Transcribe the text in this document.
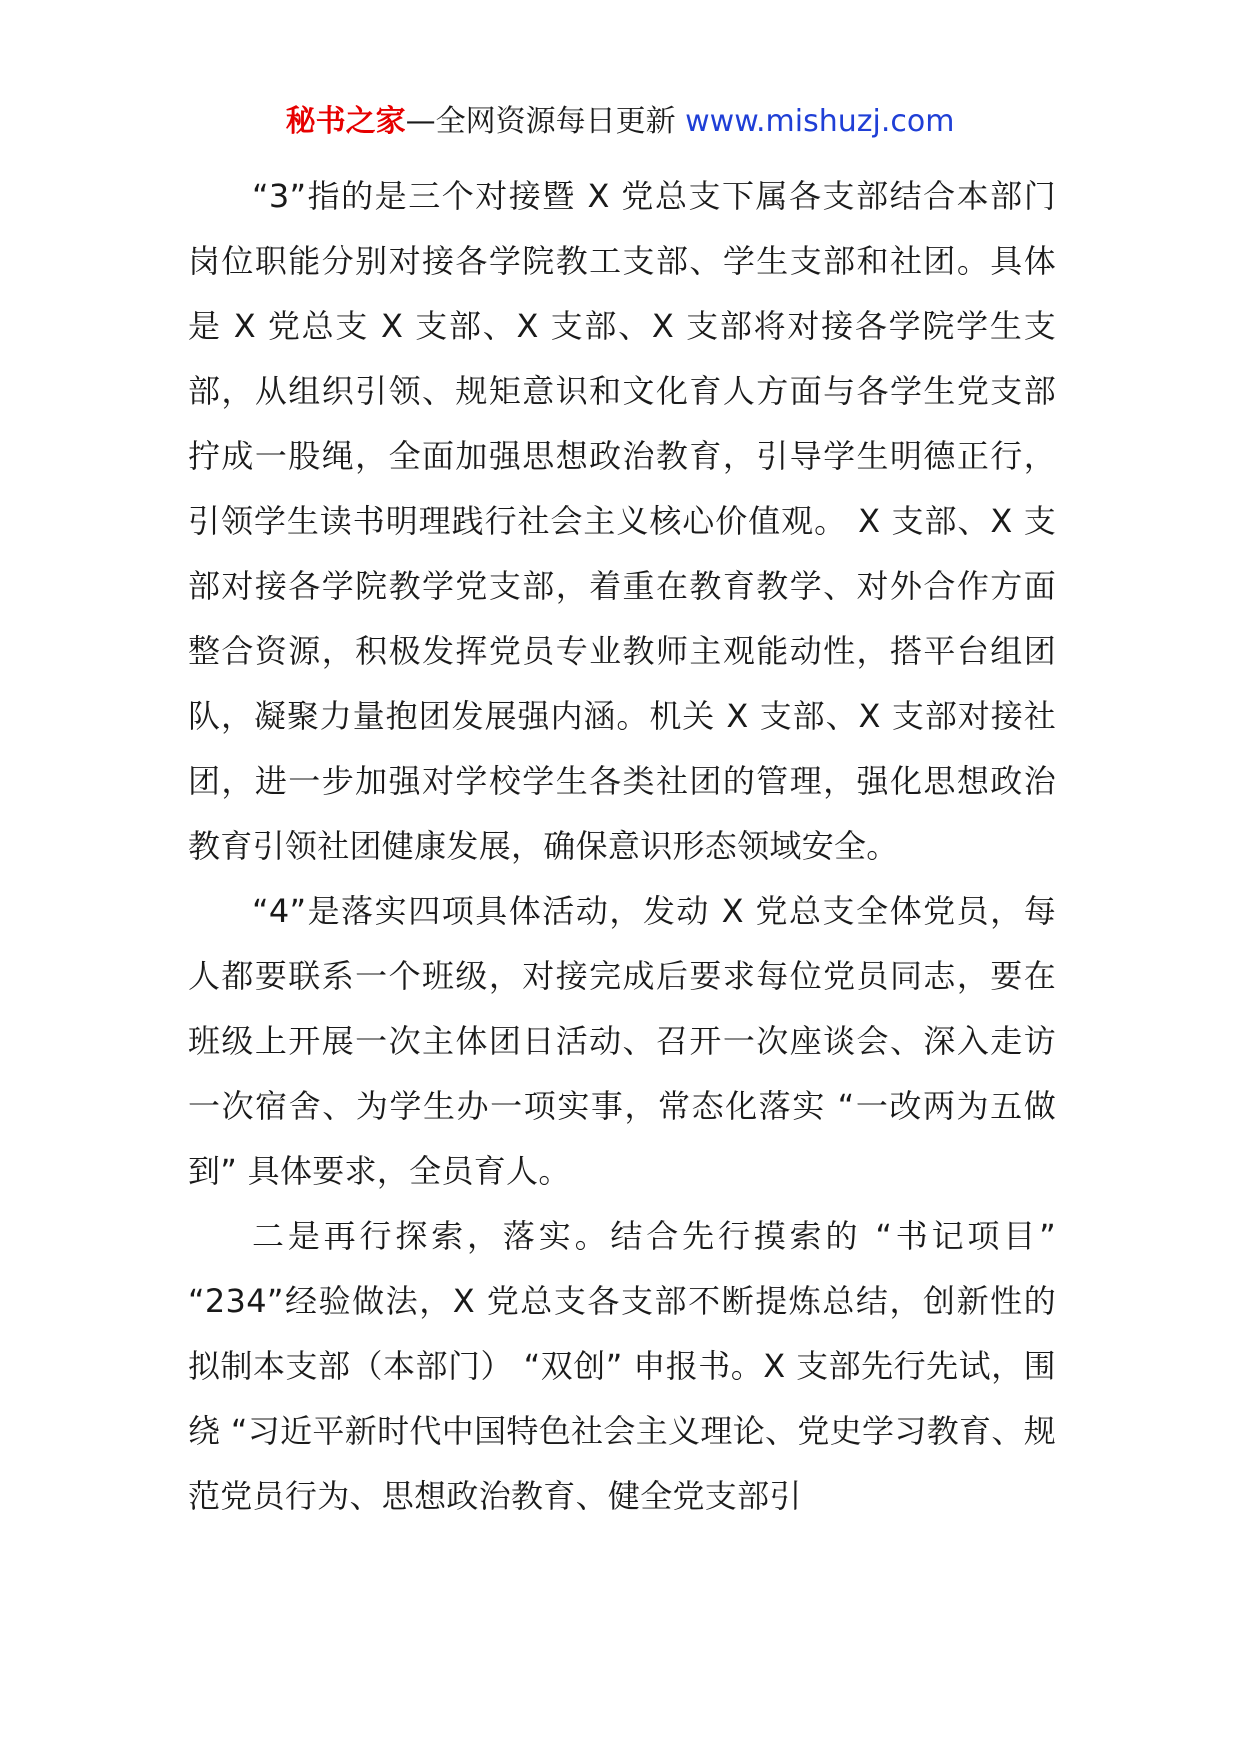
秘书之家—全网资源每日更新 www.mishuzj.com

“3”指的是三个对接暨 X 党总支下属各支部结合本部门岗位职能分别对接各学院教工支部、学生支部和社团。具体是 X 党总支 X 支部、X 支部、X 支部将对接各学院学生支部，从组织引领、规矩意识和文化育人方面与各学生党支部拧成一股绳，全面加强思想政治教育，引导学生明德正行，引领学生读书明理践行社会主义核心价值观。 X 支部、X 支部对接各学院教学党支部，着重在教育教学、对外合作方面整合资源，积极发挥党员专业教师主观能动性，搭平台组团队，凝聚力量抱团发展强内涵。机关 X 支部、X 支部对接社团，进一步加强对学校学生各类社团的管理，强化思想政治教育引领社团健康发展，确保意识形态领域安全。

“4”是落实四项具体活动，发动 X 党总支全体党员，每人都要联系一个班级，对接完成后要求每位党员同志，要在班级上开展一次主体团日活动、召开一次座谈会、深入走访一次宿舍、为学生办一项实事，常态化落实 “一改两为五做到” 具体要求，全员育人。

二是再行探索，落实。结合先行摸索的 “书记项目” “234”经验做法，X 党总支各支部不断提炼总结，创新性的拟制本支部（本部门） “双创” 申报书。X 支部先行先试，围绕 “习近平新时代中国特色社会主义理论、党史学习教育、规范党员行为、思想政治教育、健全党支部引
